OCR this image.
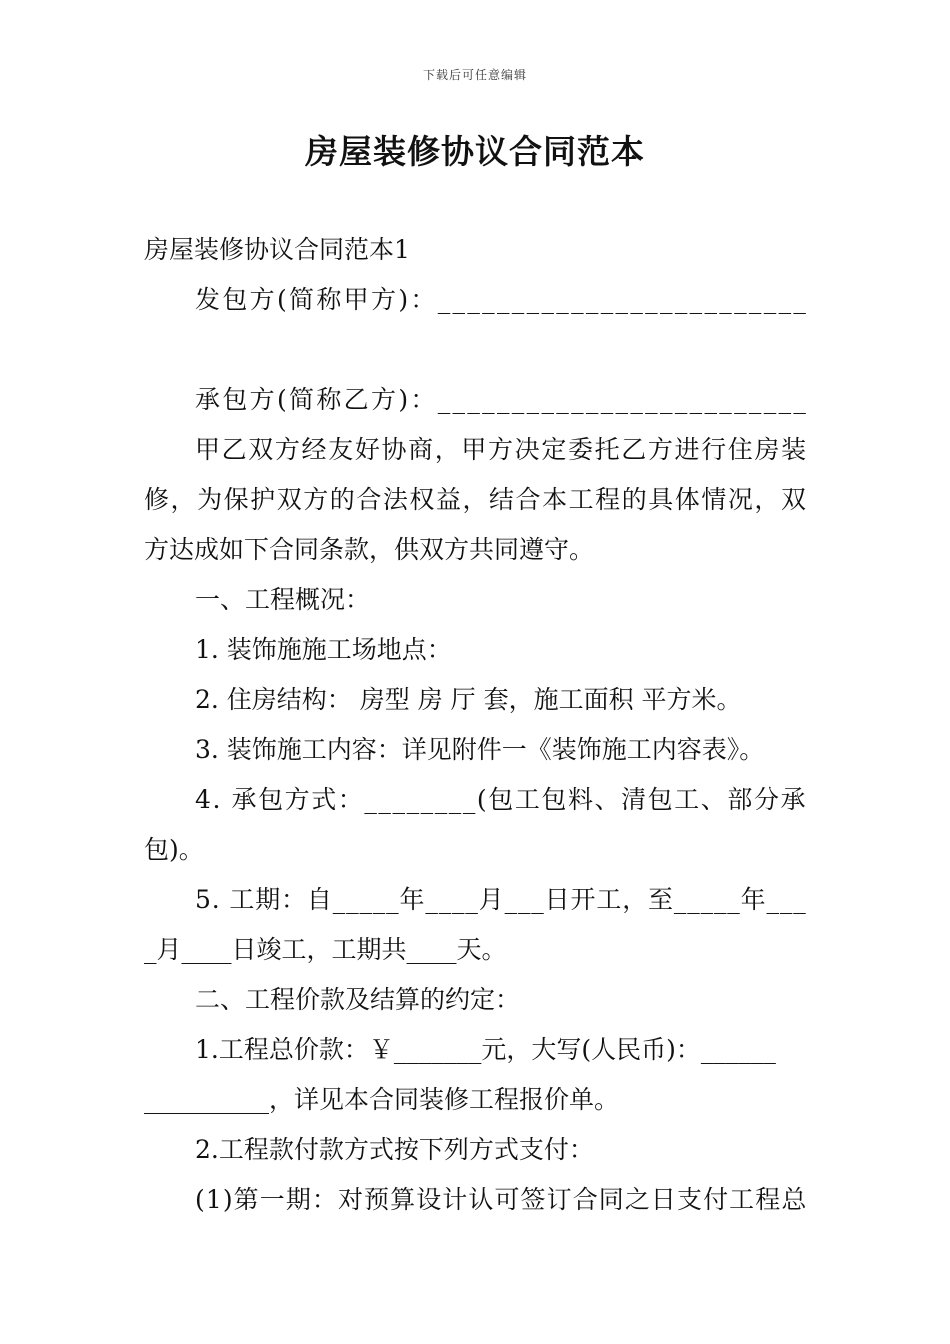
下载后可任意编辑
房屋装修协议合同范本

房屋装修协议合同范本1

发包方(简称甲方)：_________________________

承包方(简称乙方)：_________________________

甲乙双方经友好协商，甲方决定委托乙方进行住房装

修，为保护双方的合法权益，结合本工程的具体情况，双

方达成如下合同条款，供双方共同遵守。

一、工程概况：

1. 装饰施施工场地点：

2. 住房结构： 房型 房 厅 套，施工面积 平方米。

3. 装饰施工内容：详见附件一《装饰施工内容表》。

4. 承包方式：________(包工包料、清包工、部分承

包)。

5. 工期：自_____年____月___日开工，至_____年___

_月____日竣工，工期共____天。

二、工程价款及结算的约定：

1.工程总价款：￥_______元，大写(人民币)：______

__________，详见本合同装修工程报价单。

2.工程款付款方式按下列方式支付：

(1)第一期：对预算设计认可签订合同之日支付工程总
